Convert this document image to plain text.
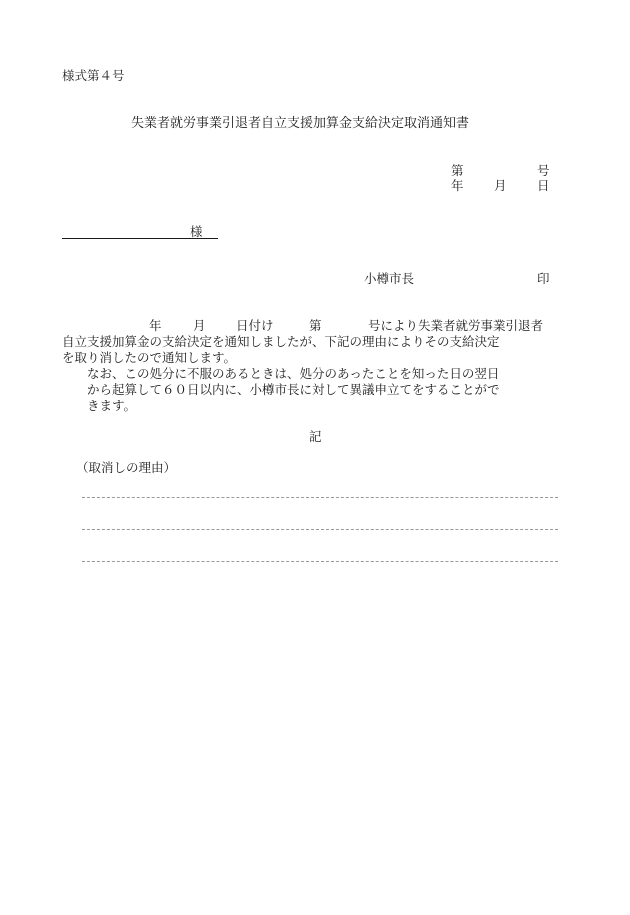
様式第４号
失業者就労事業引退者自立支援加算金支給決定取消通知書
第	号
年 月 日
様
小樽市長	印
年	月 日付け	第	号により失業者就労事業引退者
自立支援加算金の支給決定を通知しましたが、下記の理由によりその支給決定
を取り消したので通知します。
なお、この処分に不服のあるときは、処分のあったことを知った日の翌日
から起算して６０日以内に、小樽市長に対して異議申立てをすることがで
きます。
記
（取消しの理由）
